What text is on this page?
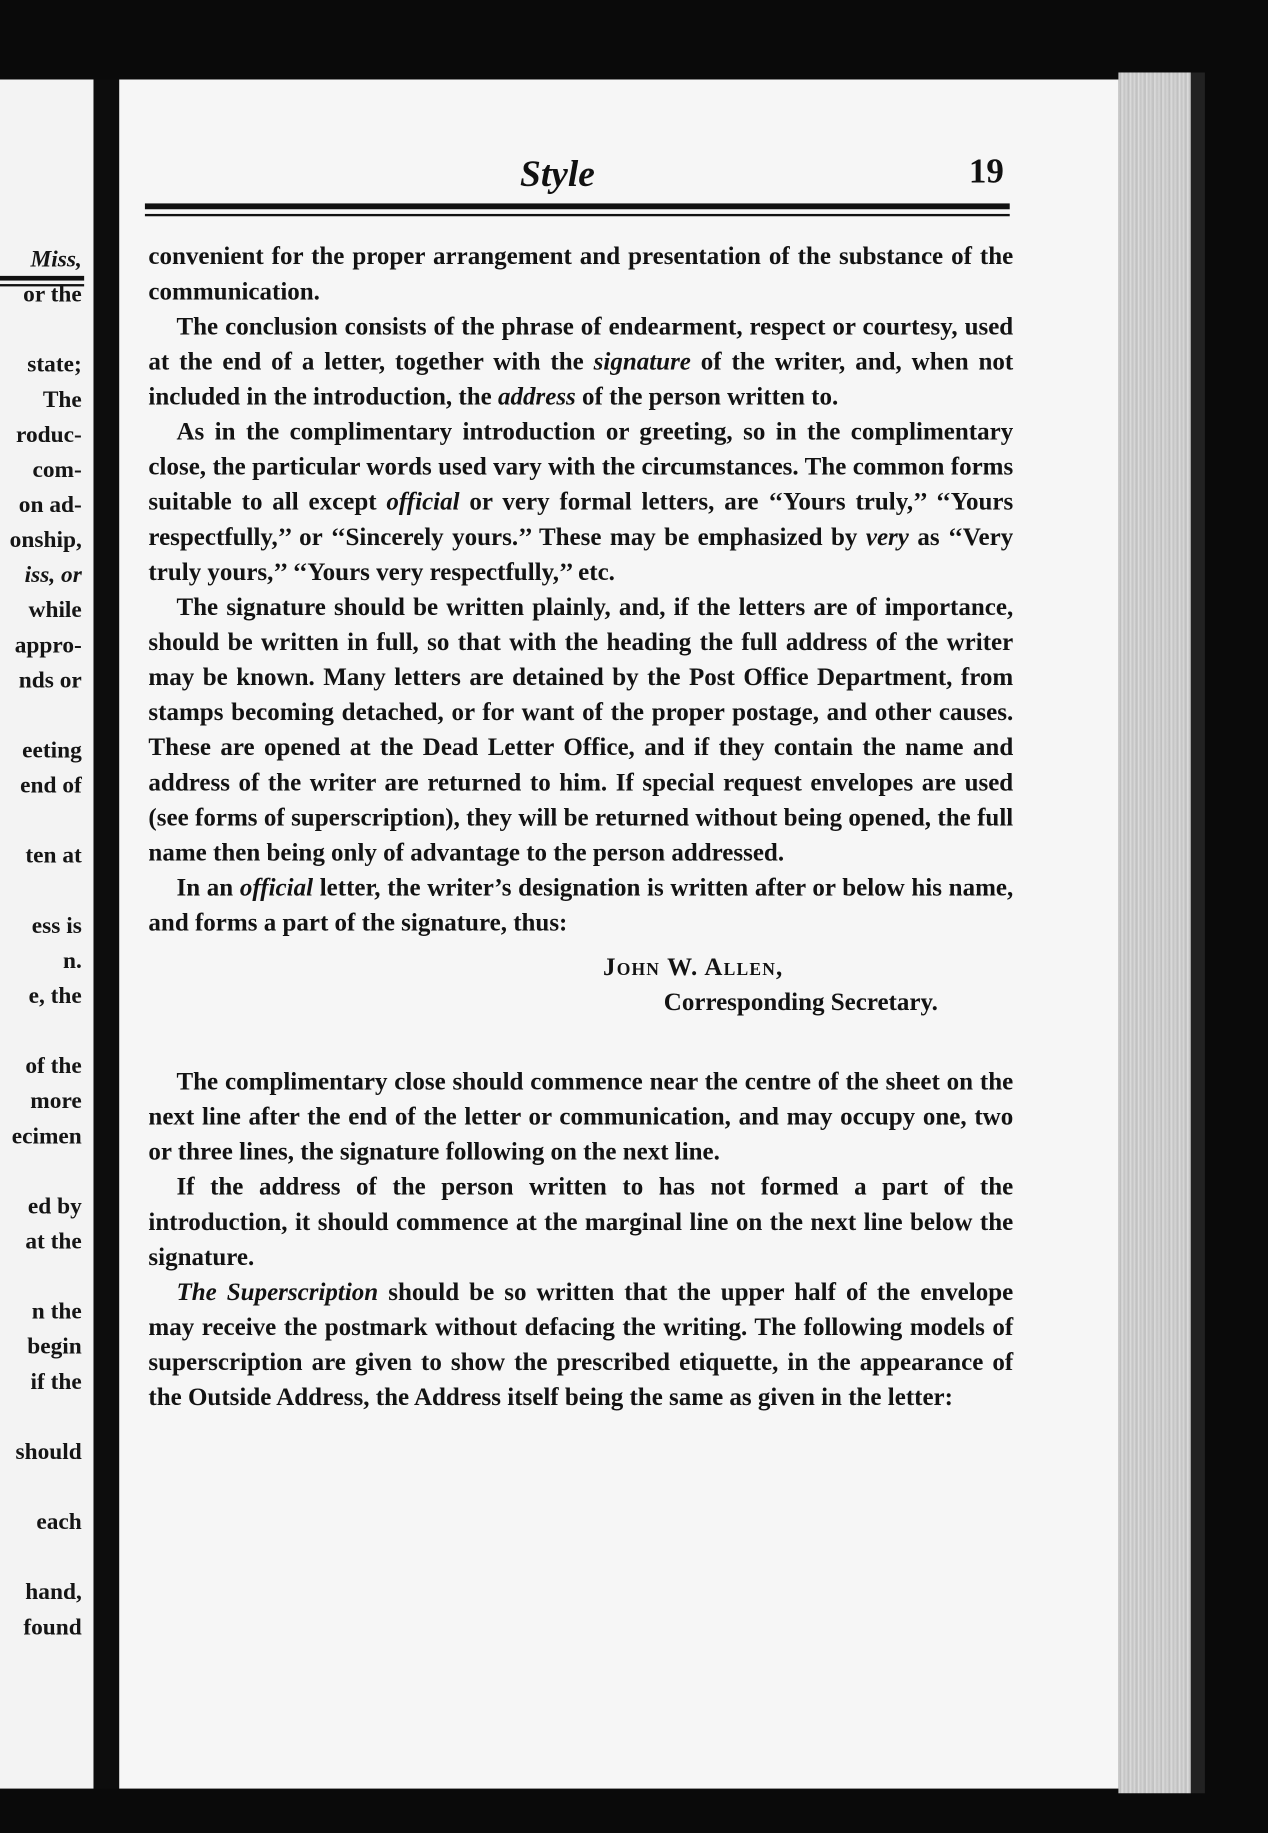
Miss,
or the
state;
The
roduc-
com-
on ad-
onship,
iss, or
while
appro-
nds or
eeting
end of
ten at
ess is
n.
e, the
of the
more
ecimen
ed by
at the
n the
begin
if the
should
each
hand,
found
Style	19

convenient for the proper arrangement and presentation of the substance of the communication.

The conclusion consists of the phrase of endearment, respect or courtesy, used at the end of a letter, together with the signature of the writer, and, when not included in the introduction, the address of the person written to.

As in the complimentary introduction or greeting, so in the complimentary close, the particular words used vary with the circumstances. The common forms suitable to all except official or very formal letters, are ‘‘Yours truly,’’ ‘‘Yours respectfully,’’ or ‘‘Sincerely yours.’’ These may be emphasized by very as ‘‘Very truly yours,’’ ‘‘Yours very respectfully,’’ etc.

The signature should be written plainly, and, if the letters are of importance, should be written in full, so that with the heading the full address of the writer may be known. Many letters are detained by the Post Office Department, from stamps becoming detached, or for want of the proper postage, and other causes. These are opened at the Dead Letter Office, and if they contain the name and address of the writer are returned to him. If special request envelopes are used (see forms of superscription), they will be returned without being opened, the full name then being only of advantage to the person addressed.

In an official letter, the writer’s designation is written after or below his name, and forms a part of the signature, thus:

John W. Allen,
Corresponding Secretary.

The complimentary close should commence near the centre of the sheet on the next line after the end of the letter or communication, and may occupy one, two or three lines, the signature following on the next line.

If the address of the person written to has not formed a part of the introduction, it should commence at the marginal line on the next line below the signature.

The Superscription should be so written that the upper half of the envelope may receive the postmark without defacing the writing. The following models of superscription are given to show the prescribed etiquette, in the appearance of the Outside Address, the Address itself being the same as given in the letter:
